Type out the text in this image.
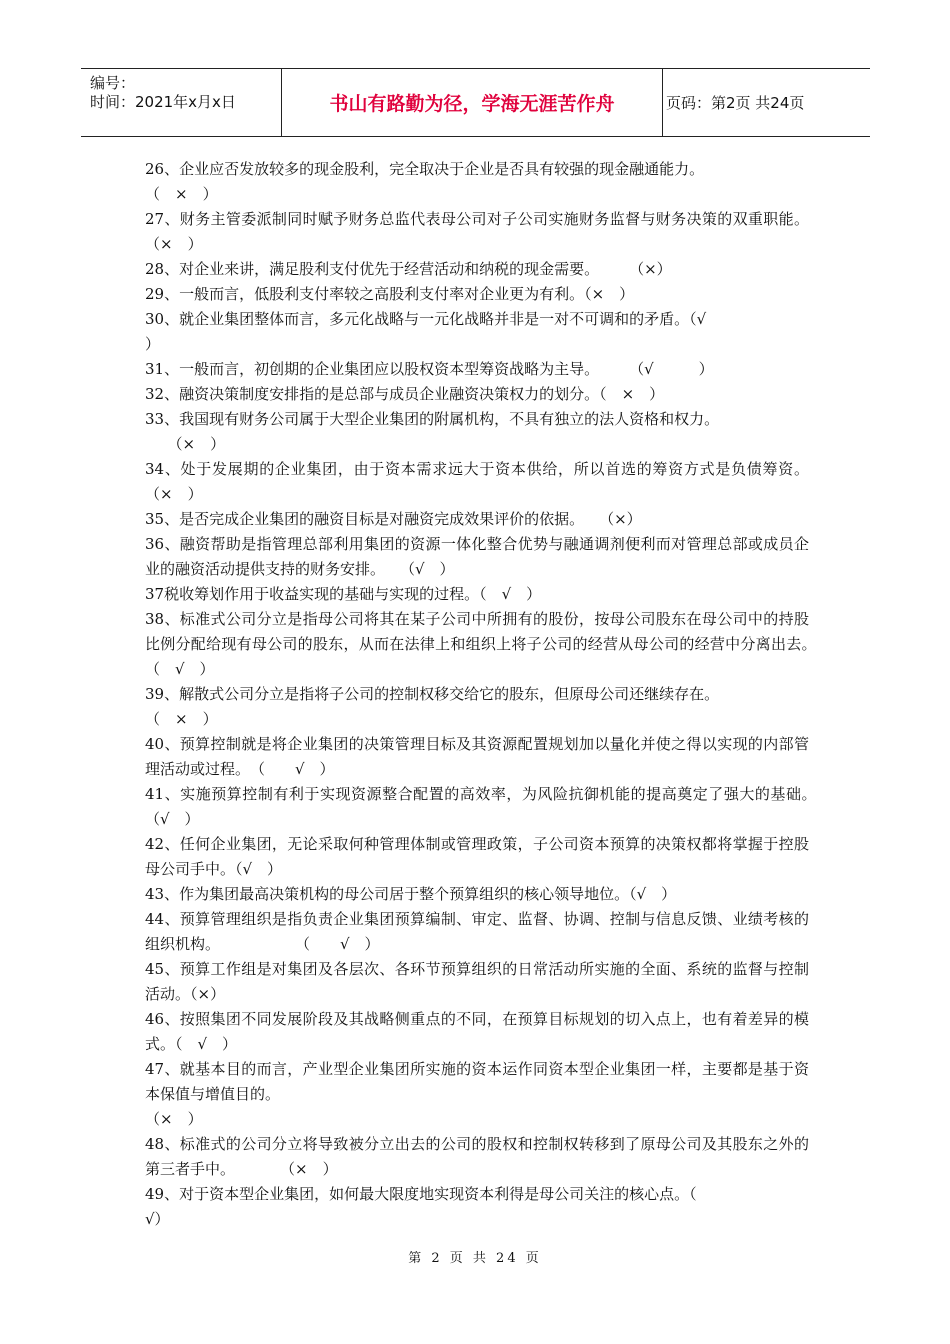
编号：
时间：2021年x月x日	书山有路勤为径，学海无涯苦作舟	页码：第2页 共24页

26、企业应否发放较多的现金股利，完全取决于企业是否具有较强的现金融通能力。
（　×　）

27、财务主管委派制同时赋予财务总监代表母公司对子公司实施财务监督与财务决策的双重职能。（×　）

28、对企业来讲，满足股利支付优先于经营活动和纳税的现金需要。　　　（×）

29、一般而言，低股利支付率较之高股利支付率对企业更为有利。（×　）

30、就企业集团整体而言，多元化战略与一元化战略并非是一对不可调和的矛盾。（√
）

31、一般而言，初创期的企业集团应以股权资本型筹资战略为主导。　　　（√　　　）

32、融资决策制度安排指的是总部与成员企业融资决策权力的划分。（　×　）

33、我国现有财务公司属于大型企业集团的附属机构，不具有独立的法人资格和权力。
　　（×　）

34、处于发展期的企业集团，由于资本需求远大于资本供给，所以首选的筹资方式是负债筹资。（×　）

35、是否完成企业集团的融资目标是对融资完成效果评价的依据。　　（×）

36、融资帮助是指管理总部利用集团的资源一体化整合优势与融通调剂便利而对管理总部或成员企业的融资活动提供支持的财务安排。　　（√　）

37税收筹划作用于收益实现的基础与实现的过程。（　√　）

38、标准式公司分立是指母公司将其在某子公司中所拥有的股份，按母公司股东在母公司中的持股比例分配给现有母公司的股东，从而在法律上和组织上将子公司的经营从母公司的经营中分离出去。　（　√　）

39、解散式公司分立是指将子公司的控制权移交给它的股东，但原母公司还继续存在。
（　×　）

40、预算控制就是将企业集团的决策管理目标及其资源配置规划加以量化并使之得以实现的内部管理活动或过程。　（　　√　）

41、实施预算控制有利于实现资源整合配置的高效率，为风险抗御机能的提高奠定了强大的基础。　（√　）

42、任何企业集团，无论采取何种管理体制或管理政策，子公司资本预算的决策权都将掌握于控股母公司手中。（√　）

43、作为集团最高决策机构的母公司居于整个预算组织的核心领导地位。（√　）

44、预算管理组织是指负责企业集团预算编制、审定、监督、协调、控制与信息反馈、业绩考核的组织机构。　　　　　　（　　√　）

45、预算工作组是对集团及各层次、各环节预算组织的日常活动所实施的全面、系统的监督与控制活动。（×）

46、按照集团不同发展阶段及其战略侧重点的不同，在预算目标规划的切入点上，也有着差异的模式。（　√　）

47、就基本目的而言，产业型企业集团所实施的资本运作同资本型企业集团一样，主要都是基于资本保值与增值目的。
（×　）

48、标准式的公司分立将导致被分立出去的公司的股权和控制权转移到了原母公司及其股东之外的第三者手中。　　　　（×　）

49、对于资本型企业集团，如何最大限度地实现资本利得是母公司关注的核心点。（
√）

第 2 页 共 24 页
